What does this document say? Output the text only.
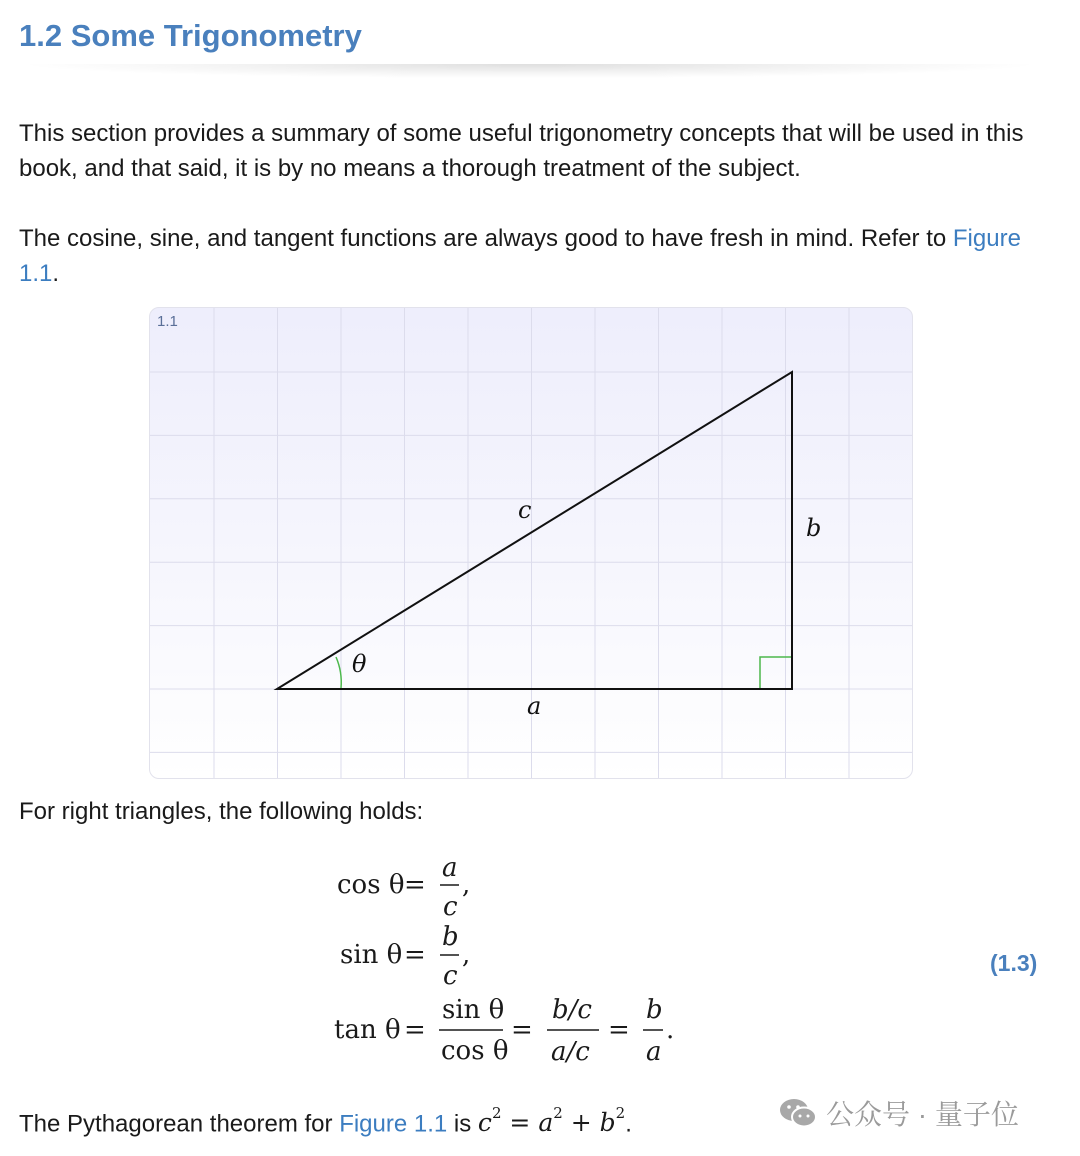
1.2 Some Trigonometry

This section provides a summary of some useful trigonometry concepts that will be used in this book, and that said, it is by no means a thorough treatment of the subject.

The cosine, sine, and tangent functions are always good to have fresh in mind. Refer to Figure 1.1.

1.1
c
b
a
θ

For right triangles, the following holds:

cos θ =
a
c
,
sin θ =
b
c
,
tan θ =
sin θ
cos θ
=
b/c
a/c
=
b
a
.
(1.3)

The Pythagorean theorem for Figure 1.1 is $c^2 = a^2 + b^2$.	公众号 · 量子位
